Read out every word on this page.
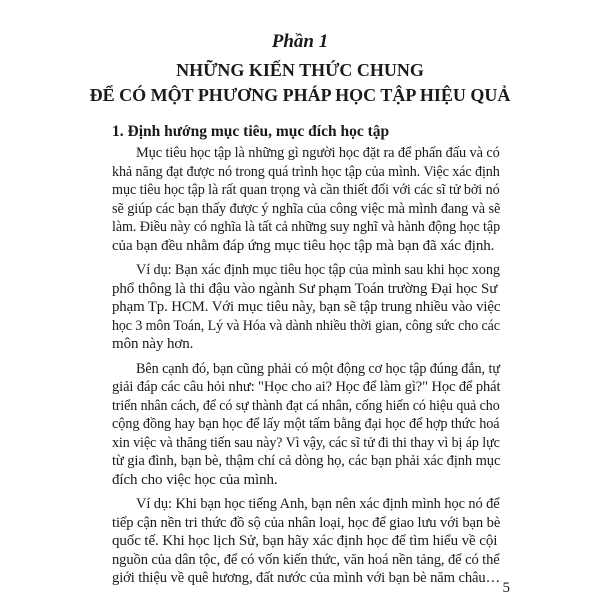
Phần 1
NHỮNG KIẾN THỨC CHUNG
ĐỂ CÓ MỘT PHƯƠNG PHÁP HỌC TẬP HIỆU QUẢ
1. Định hướng mục tiêu, mục đích học tập
Mục tiêu học tập là những gì người học đặt ra để phấn đấu và có
khả năng đạt được nó trong quá trình học tập của mình. Việc xác định
mục tiêu học tập là rất quan trọng và cần thiết đối với các sĩ tử bởi nó
sẽ giúp các bạn thấy được ý nghĩa của công việc mà mình đang và sẽ
làm. Điều này có nghĩa là tất cả những suy nghĩ và hành động học tập
của bạn đều nhằm đáp ứng mục tiêu học tập mà bạn đã xác định.
Ví dụ: Bạn xác định mục tiêu học tập của mình sau khi học xong
phổ thông là thi đậu vào ngành Sư phạm Toán trường Đại học Sư
phạm Tp. HCM. Với mục tiêu này, bạn sẽ tập trung nhiều vào việc
học 3 môn Toán, Lý và Hóa và dành nhiều thời gian, công sức cho các
môn này hơn.
Bên cạnh đó, bạn cũng phải có một động cơ học tập đúng đắn, tự
giải đáp các câu hỏi như: "Học cho ai? Học để làm gì?" Học để phát
triển nhân cách, để có sự thành đạt cá nhân, cống hiến có hiệu quả cho
cộng đồng hay bạn học để lấy một tấm bằng đại học để hợp thức hoá
xin việc và thăng tiến sau này? Vì vậy, các sĩ tử đi thi thay vì bị áp lực
từ gia đình, bạn bè, thậm chí cả dòng họ, các bạn phải xác định mục
đích cho việc học của mình.
Ví dụ: Khi bạn học tiếng Anh, bạn nên xác định mình học nó để
tiếp cận nền tri thức đồ sộ của nhân loại, học để giao lưu với bạn bè
quốc tế. Khi học lịch Sử, bạn hãy xác định học để tìm hiểu về cội
nguồn của dân tộc, để có vốn kiến thức, văn hoá nền tảng, để có thể
giới thiệu về quê hương, đất nước của mình với bạn bè năm châu…
5
